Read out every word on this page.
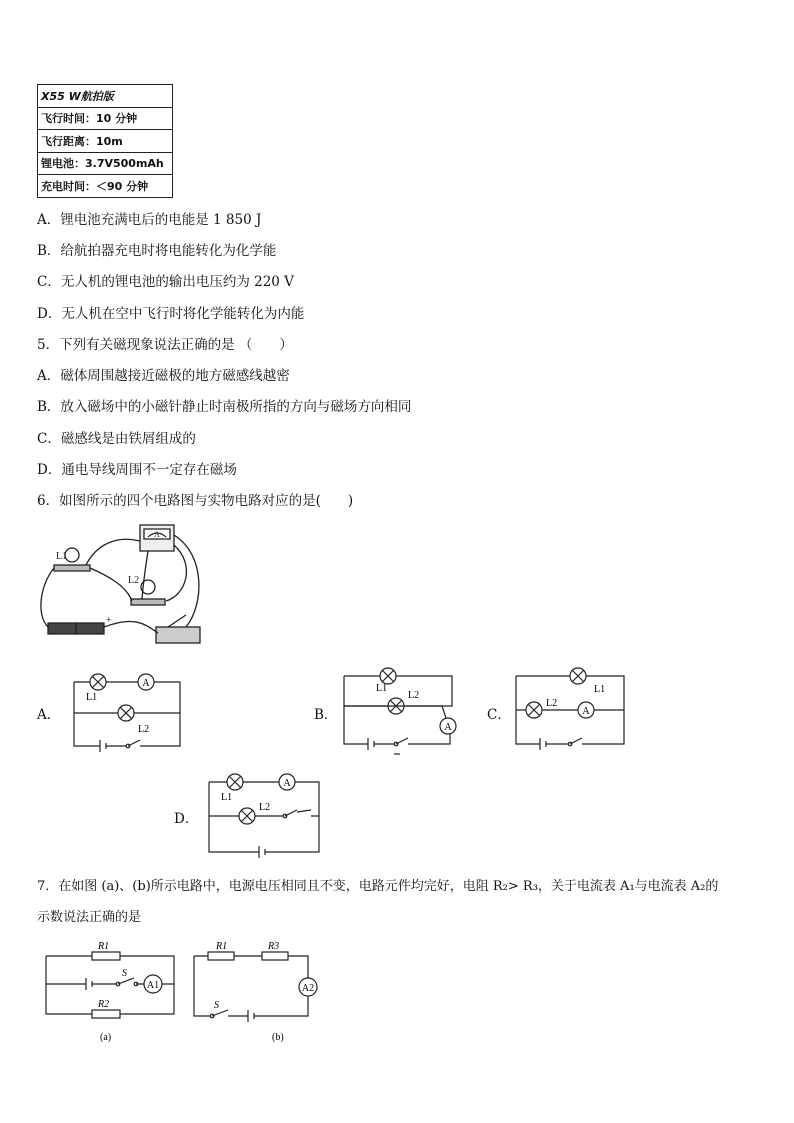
X55 W航拍版
飞行时间：10 分钟
飞行距离：10m
锂电池：3.7V500mAh
充电时间：＜90 分钟
A．锂电池充满电后的电能是 1 850 J
B．给航拍器充电时将电能转化为化学能
C．无人机的锂电池的输出电压约为 220 V
D．无人机在空中飞行时将化学能转化为内能
5．下列有关磁现象说法正确的是 （　　）
A．磁体周围越接近磁极的地方磁感线越密
B．放入磁场中的小磁针静止时南极所指的方向与磁场方向相同
C．磁感线是由铁屑组成的
D．通电导线周围不一定存在磁场
6．如图所示的四个电路图与实物电路对应的是(　　)
L1
L2
A
+
A．
A
L1
L2
B．
A
L1
L2
C．	A
L1
L2
D．
A
L1
L2
7．在如图 (a)、(b)所示电路中，电源电压相同且不变，电路元件均完好，电阻 R₂> R₃，关于电流表 A₁与电流表 A₂的
示数说法正确的是
R1
R2
S
A1
(a)
R1	R3
A2
S
(b)
